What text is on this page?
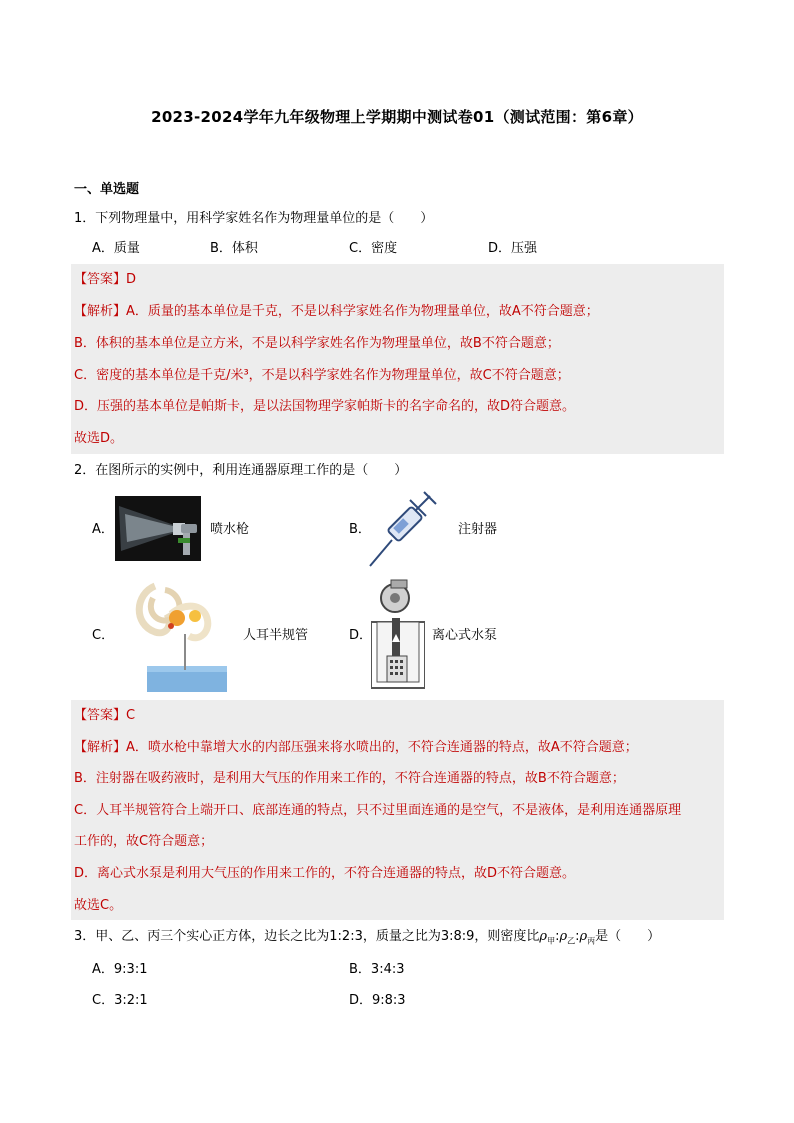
2023-2024学年九年级物理上学期期中测试卷01（测试范围：第6章）
一、单选题
1．下列物理量中，用科学家姓名作为物理量单位的是（　　）
A．质量	B．体积	C．密度	D．压强
【答案】D
【解析】A．质量的基本单位是千克，不是以科学家姓名作为物理量单位，故A不符合题意；
B．体积的基本单位是立方米，不是以科学家姓名作为物理量单位，故B不符合题意；
C．密度的基本单位是千克/米³，不是以科学家姓名作为物理量单位，故C不符合题意；
D．压强的基本单位是帕斯卡，是以法国物理学家帕斯卡的名字命名的，故D符合题意。
故选D。
2．在图所示的实例中，利用连通器原理工作的是（　　）
A．	喷水枪	B．	注射器
C．	人耳半规管	D．	离心式水泵
【答案】C
【解析】A．喷水枪中靠增大水的内部压强来将水喷出的，不符合连通器的特点，故A不符合题意；
B．注射器在吸药液时，是利用大气压的作用来工作的，不符合连通器的特点，故B不符合题意；
C．人耳半规管符合上端开口、底部连通的特点，只不过里面连通的是空气，不是液体，是利用连通器原理
工作的，故C符合题意；
D．离心式水泵是利用大气压的作用来工作的，不符合连通器的特点，故D不符合题意。
故选C。
3．甲、乙、丙三个实心正方体，边长之比为1:2:3，质量之比为3:8:9，则密度比$\rho_甲:\rho_乙:\rho_丙$是（　　）
A．9:3:1	B．3:4:3
C．3:2:1	D．9:8:3
